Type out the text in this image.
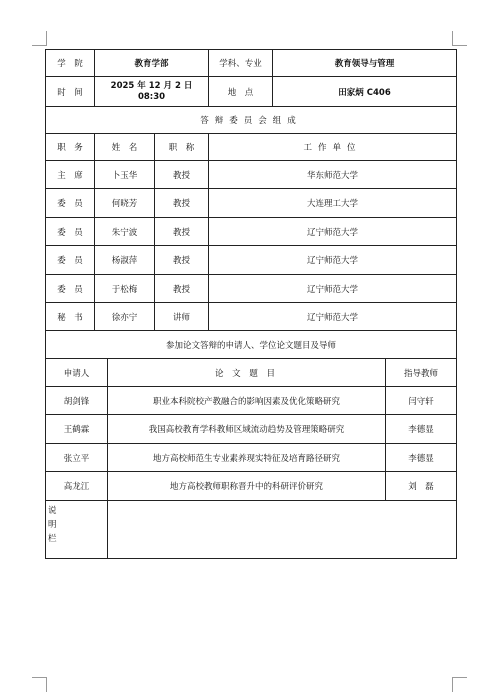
学　院	教育学部			学科、专业	教育领导与管理	
时　间	2025 年 12 月 2 日 08:30			地　点	田家炳 C406	
答辩委员会组成						
职　务	姓　名		职　称	工作单位		
主　席	卜玉华		教授	华东师范大学		
委　员	何晓芳		教授	大连理工大学		
委　员	朱宁波		教授	辽宁师范大学		
委　员	杨淑萍		教授	辽宁师范大学		
委　员	于松梅		教授	辽宁师范大学		
秘　书	徐亦宁		讲师	辽宁师范大学		
参加论文答辩的申请人、学位论文题目及导师						
申请人		论 文 题 目				指导教师
胡剑锋		职业本科院校产教融合的影响因素及优化策略研究				闫守轩
王鹤霖		我国高校教育学科教师区域流动趋势及管理策略研究				李德显
张立平		地方高校师范生专业素养现实特征及培育路径研究				李德显
高龙江		地方高校教师职称晋升中的科研评价研究				刘　磊

说
明
栏						
